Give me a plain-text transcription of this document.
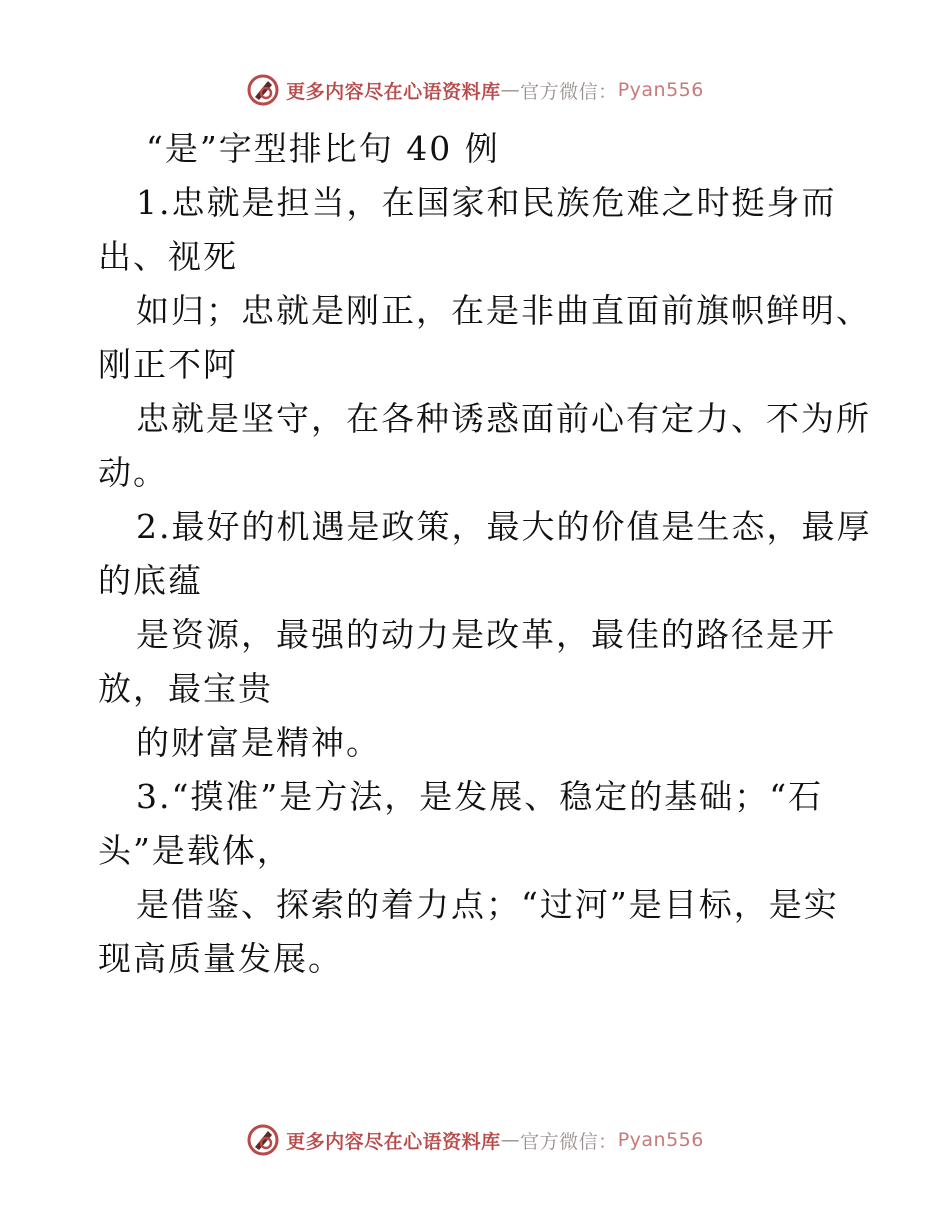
更多内容尽在心语资料库 — 官方微信： Pyan556
“是”字型排比句 40 例
1.忠就是担当，在国家和民族危难之时挺身而
出、视死
如归；忠就是刚正，在是非曲直面前旗帜鲜明、
刚正不阿
忠就是坚守，在各种诱惑面前心有定力、不为所
动。
2.最好的机遇是政策，最大的价值是生态，最厚
的底蕴
是资源，最强的动力是改革，最佳的路径是开
放，最宝贵
的财富是精神。
3.“摸准”是方法，是发展、稳定的基础；“石
头”是载体，
是借鉴、探索的着力点；“过河”是目标，是实
现高质量发展。
更多内容尽在心语资料库 — 官方微信： Pyan556
